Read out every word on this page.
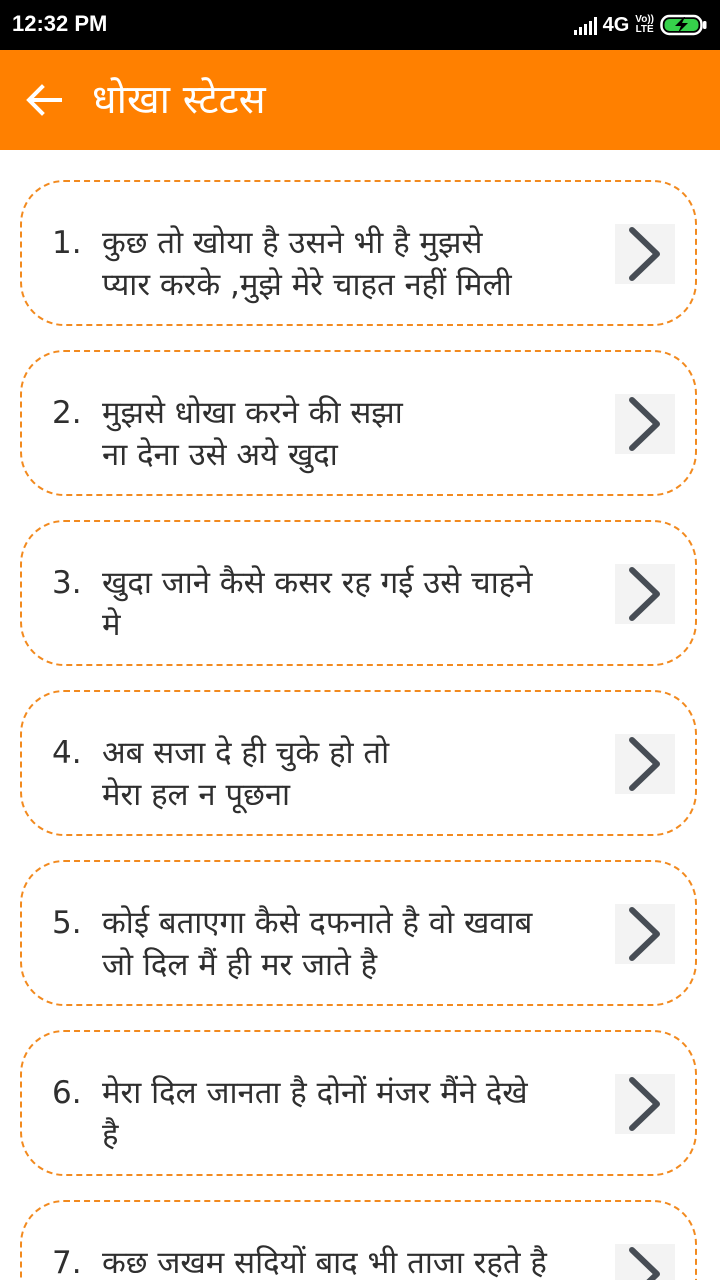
12:32 PM	4G Vo))
LTE
धोखा स्टेटस
1. कुछ तो खोया है उसने भी है मुझसे
प्यार करके ,मुझे मेरे चाहत नहीं मिली
2. मुझसे धोखा करने की सझा
ना देना उसे अये खुदा
3. खुदा जाने कैसे कसर रह गई उसे चाहने
मे
4. अब सजा दे ही चुके हो तो
मेरा हल न पूछना
5. कोई बताएगा कैसे दफनाते है वो खवाब
जो दिल मैं ही मर जाते है
6. मेरा दिल जानता है दोनों मंजर मैंने देखे
है
7. कछ जखम सदियों बाद भी ताजा रहते है
